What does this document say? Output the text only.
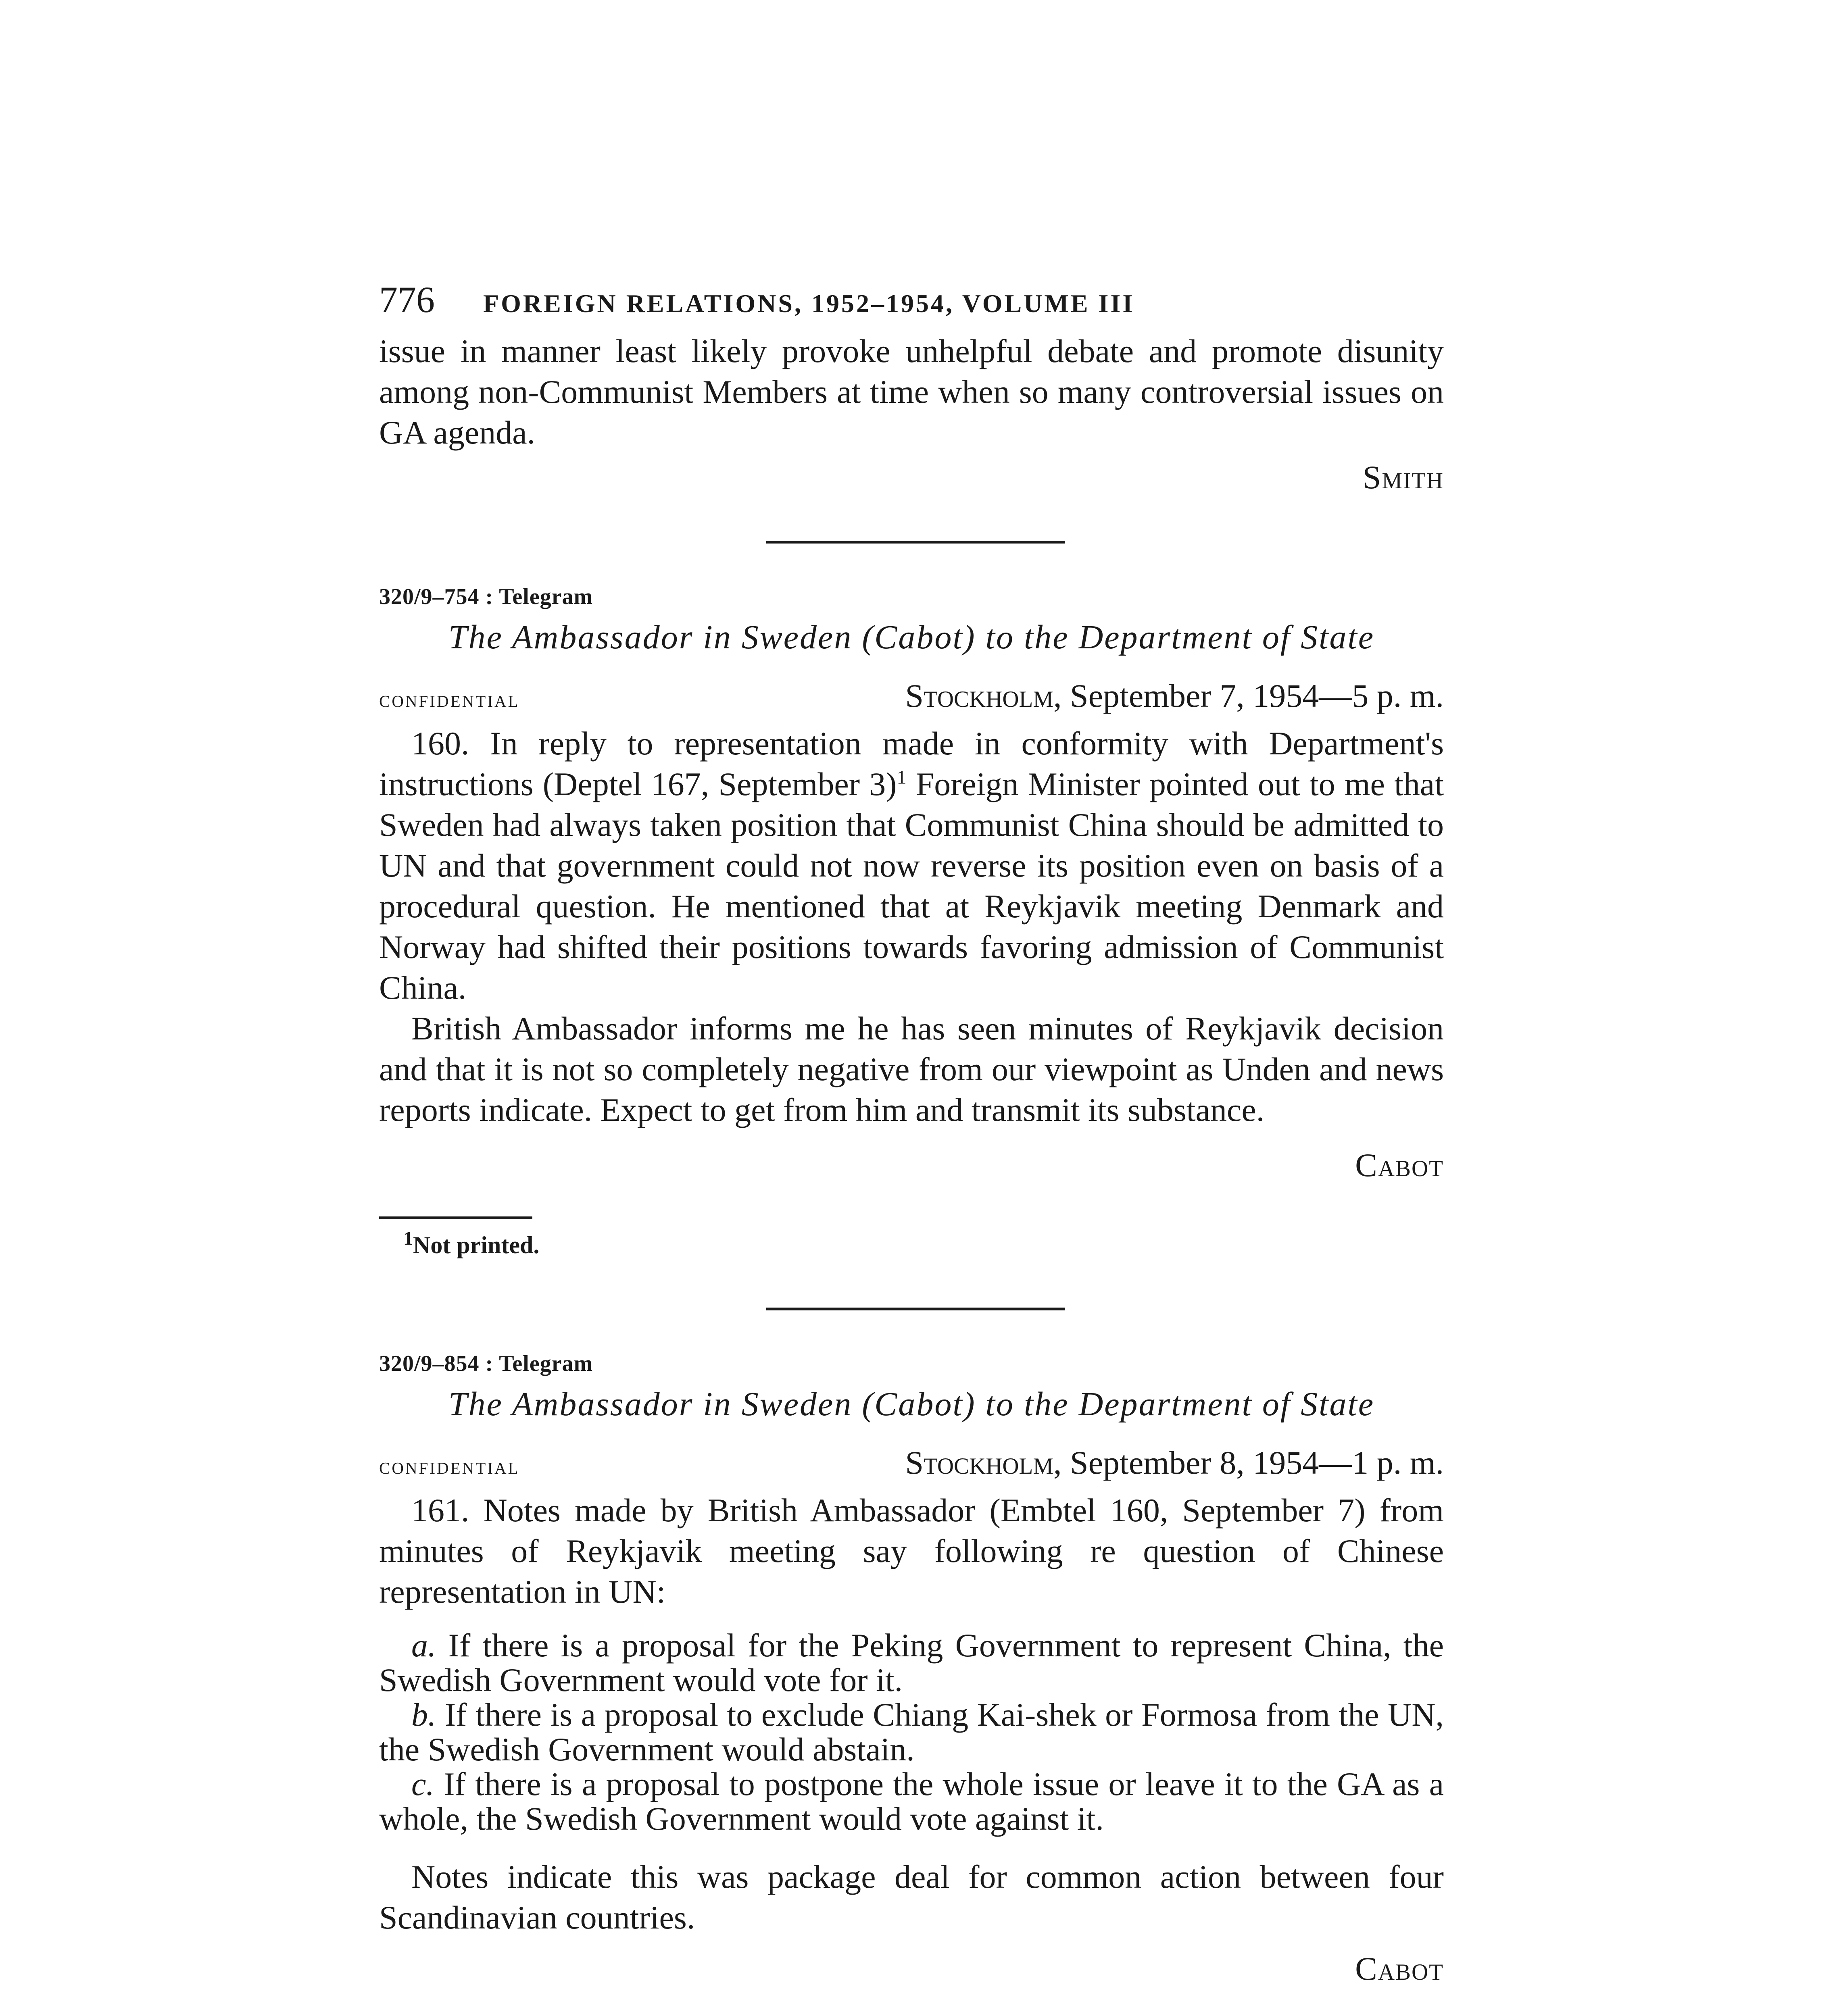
776 FOREIGN RELATIONS, 1952–1954, VOLUME III

issue in manner least likely provoke unhelpful debate and promote disunity among non-Communist Members at time when so many controversial issues on GA agenda.

Smith
320/9–754 : Telegram
The Ambassador in Sweden (Cabot) to the Department of State
confidential	Stockholm, September 7, 1954—5 p. m.

160. In reply to representation made in conformity with Department's instructions (Deptel 167, September 3)$^1$ Foreign Minister pointed out to me that Sweden had always taken position that Communist China should be admitted to UN and that government could not now reverse its position even on basis of a procedural question. He mentioned that at Reykjavik meeting Denmark and Norway had shifted their positions towards favoring admission of Communist China.

British Ambassador informs me he has seen minutes of Reykjavik decision and that it is not so completely negative from our viewpoint as Unden and news reports indicate. Expect to get from him and transmit its substance.

Cabot
$^1$Not printed.
320/9–854 : Telegram
The Ambassador in Sweden (Cabot) to the Department of State
confidential	Stockholm, September 8, 1954—1 p. m.

161. Notes made by British Ambassador (Embtel 160, September 7) from minutes of Reykjavik meeting say following re question of Chinese representation in UN:

a. If there is a proposal for the Peking Government to represent China, the Swedish Government would vote for it.

b. If there is a proposal to exclude Chiang Kai-shek or Formosa from the UN, the Swedish Government would abstain.

c. If there is a proposal to postpone the whole issue or leave it to the GA as a whole, the Swedish Government would vote against it.

Notes indicate this was package deal for common action between four Scandinavian countries.

Cabot
